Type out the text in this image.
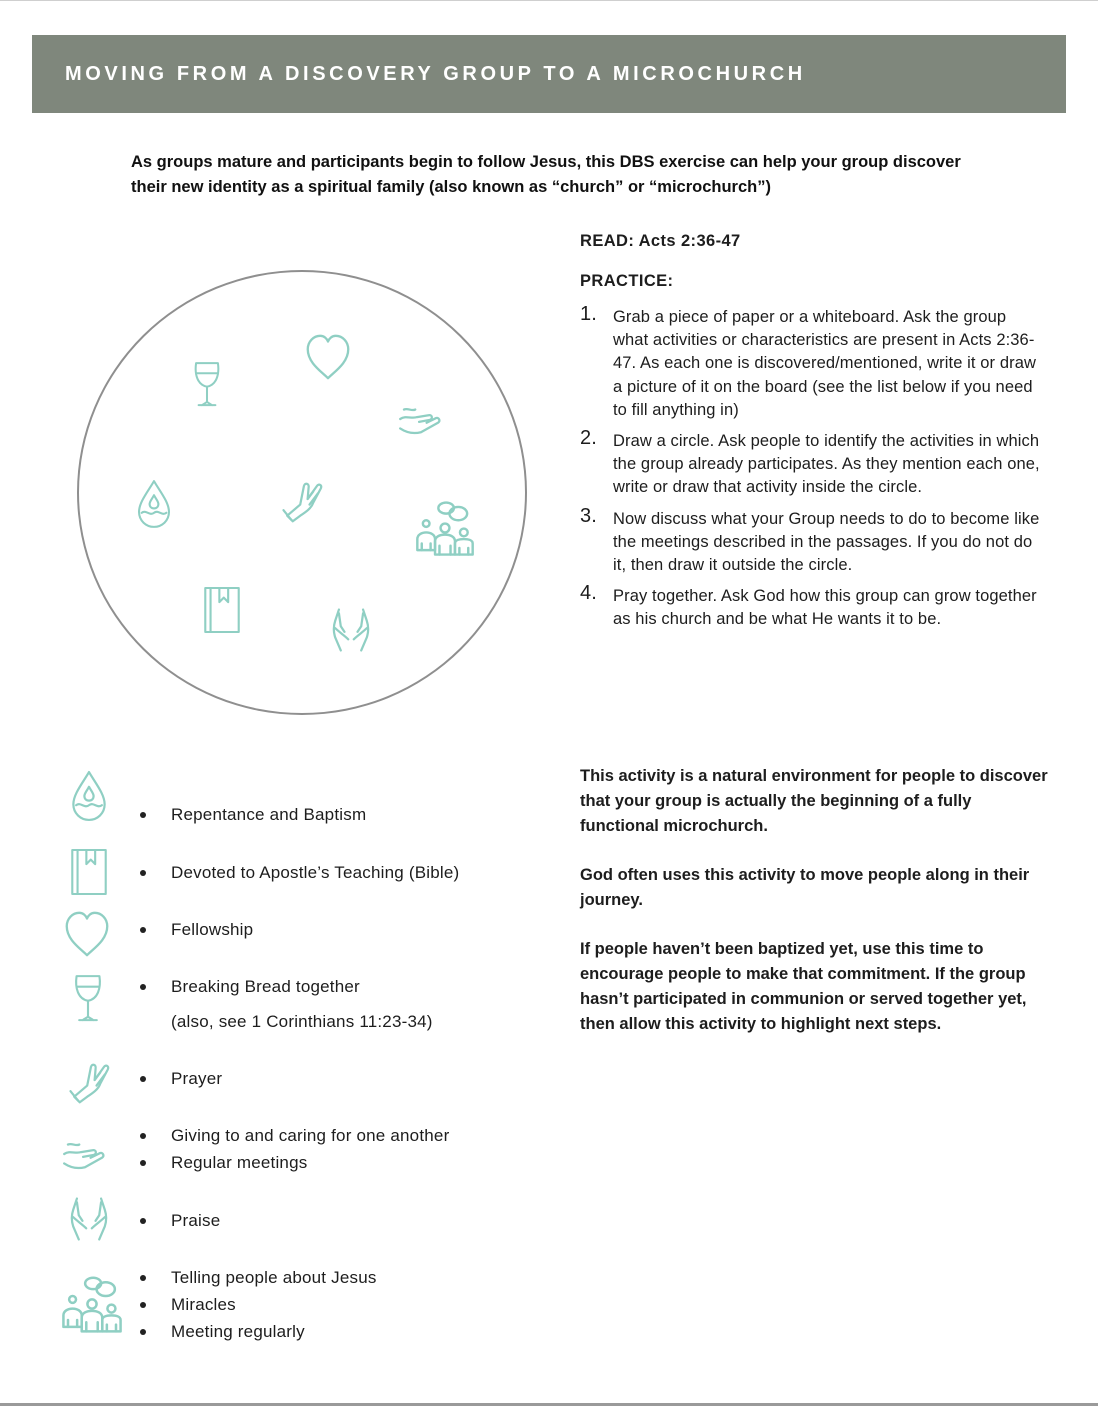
MOVING FROM A DISCOVERY GROUP TO A MICROCHURCH
As groups mature and participants begin to follow Jesus, this DBS exercise can help your group discover their new identity as a spiritual family (also known as “church” or “microchurch”)

READ: Acts 2:36-47

PRACTICE:

1. Grab a piece of paper or a whiteboard. Ask the group what activities or characteristics are present in Acts 2:36-47. As each one is discovered/mentioned, write it or draw a picture of it on the board (see the list below if you need to fill anything in)
2. Draw a circle. Ask people to identify the activities in which the group already participates. As they mention each one, write or draw that activity inside the circle.
3. Now discuss what your Group needs to do to become like the meetings described in the passages. If you do not do it, then draw it outside the circle.
4. Pray together. Ask God how this group can grow together as his church and be what He wants it to be.

This activity is a natural environment for people to discover that your group is actually the beginning of a fully functional microchurch.

God often uses this activity to move people along in their journey.

If people haven’t been baptized yet, use this time to encourage people to make that commitment. If the group hasn’t participated in communion or served together yet, then allow this activity to highlight next steps.

Repentance and Baptism
Devoted to Apostle’s Teaching (Bible)
Fellowship
Breaking Bread together
(also, see 1 Corinthians 11:23-34)
Prayer
Giving to and caring for one another
Regular meetings
Praise
Telling people about Jesus
Miracles
Meeting regularly
